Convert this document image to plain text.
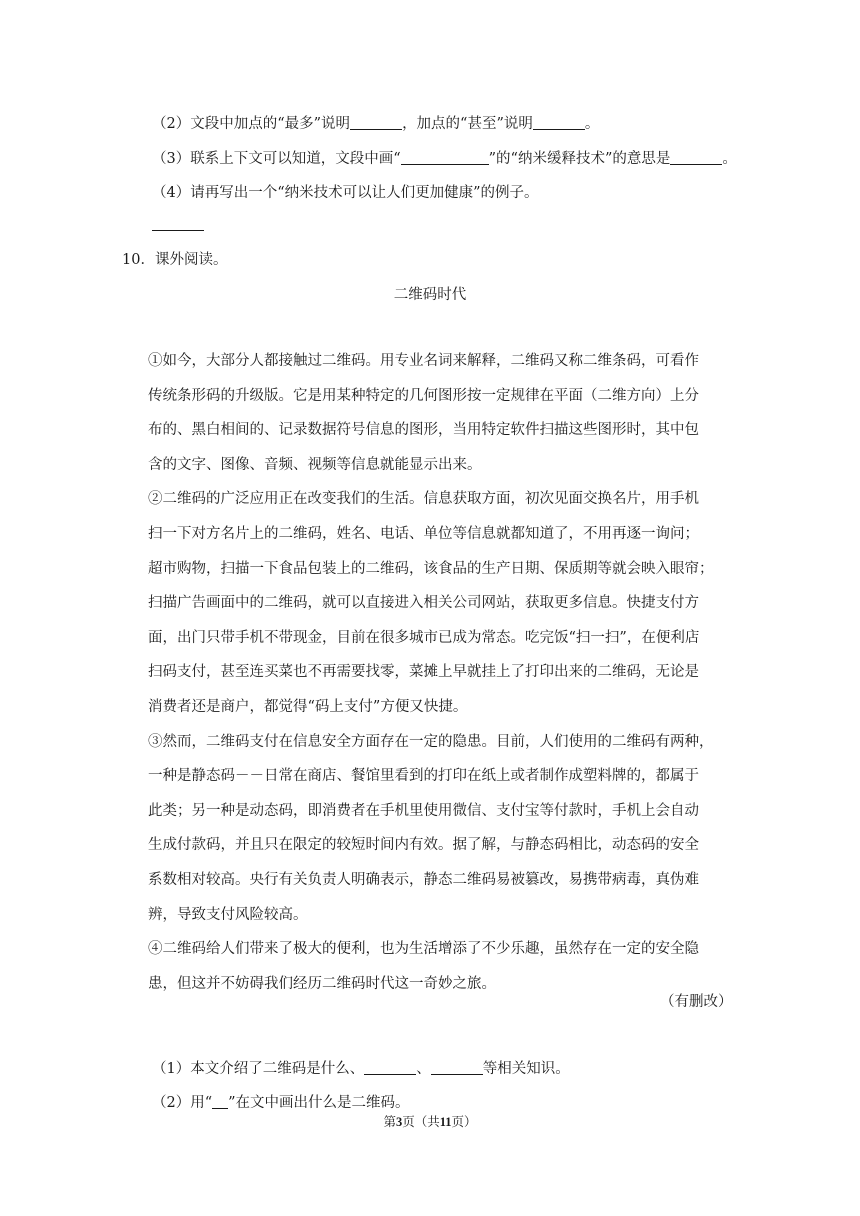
（2）文段中加点的“最多”说明	，加点的“甚至”说明	。
（3）联系上下文可以知道，文段中画“	”的“纳米缓释技术”的意思是	。
（4）请再写出一个“纳米技术可以让人们更加健康”的例子。
10．课外阅读。
二维码时代
①如今，大部分人都接触过二维码。用专业名词来解释，二维码又称二维条码，可看作
传统条形码的升级版。它是用某种特定的几何图形按一定规律在平面（二维方向）上分
布的、黑白相间的、记录数据符号信息的图形，当用特定软件扫描这些图形时，其中包
含的文字、图像、音频、视频等信息就能显示出来。
②二维码的广泛应用正在改变我们的生活。信息获取方面，初次见面交换名片，用手机
扫一下对方名片上的二维码，姓名、电话、单位等信息就都知道了，不用再逐一询问；
超市购物，扫描一下食品包装上的二维码，该食品的生产日期、保质期等就会映入眼帘；
扫描广告画面中的二维码，就可以直接进入相关公司网站，获取更多信息。快捷支付方
面，出门只带手机不带现金，目前在很多城市已成为常态。吃完饭“扫一扫”，在便利店
扫码支付，甚至连买菜也不再需要找零，菜摊上早就挂上了打印出来的二维码，无论是
消费者还是商户，都觉得“码上支付”方便又快捷。
③然而，二维码支付在信息安全方面存在一定的隐患。目前，人们使用的二维码有两种，
一种是静态码－－日常在商店、餐馆里看到的打印在纸上或者制作成塑料牌的，都属于
此类；另一种是动态码，即消费者在手机里使用微信、支付宝等付款时，手机上会自动
生成付款码，并且只在限定的较短时间内有效。据了解，与静态码相比，动态码的安全
系数相对较高。央行有关负责人明确表示，静态二维码易被篡改，易携带病毒，真伪难
辨，导致支付风险较高。
④二维码给人们带来了极大的便利，也为生活增添了不少乐趣，虽然存在一定的安全隐
患，但这并不妨碍我们经历二维码时代这一奇妙之旅。
（有删改）
（1）本文介绍了二维码是什么、	、	等相关知识。
（2）用“ ”在文中画出什么是二维码。
第3页（共11页）
